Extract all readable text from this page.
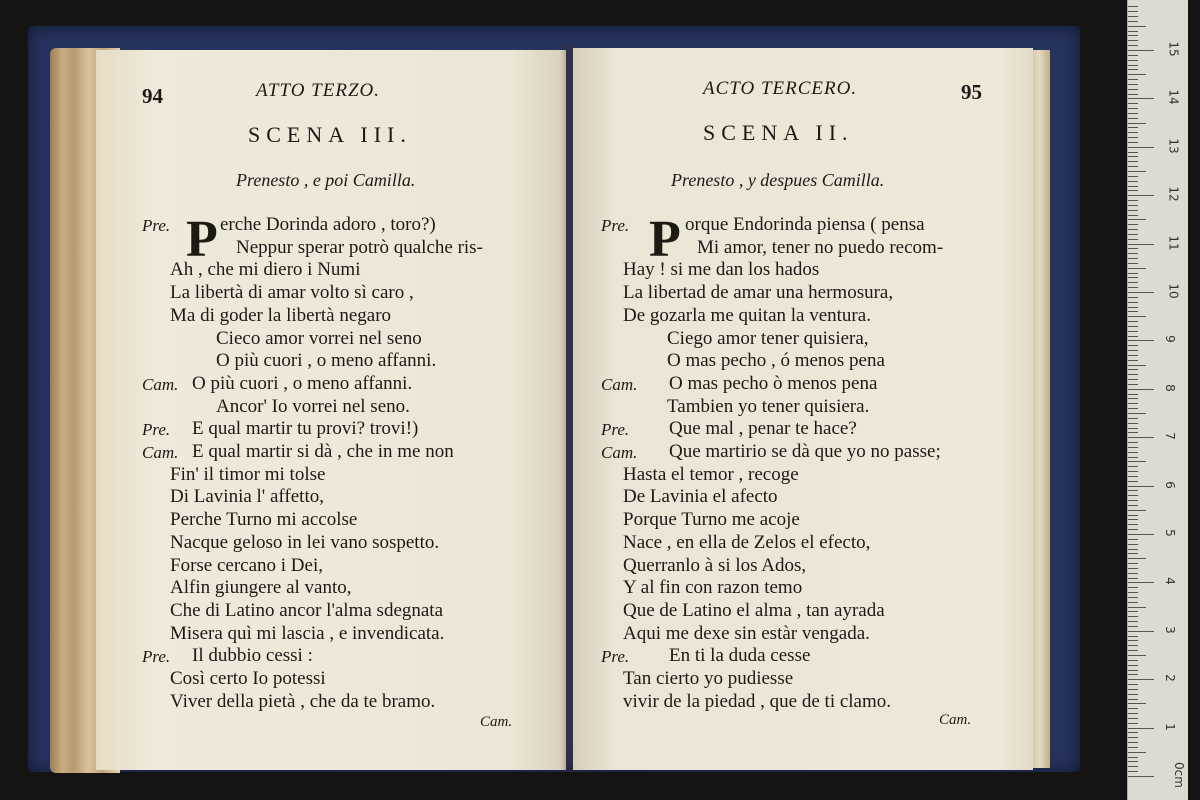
94	ATTO TERZO.
SCENA III.
Prenesto , e poi Camilla.
P
Pre.	erche Dorinda adoro , toro?)
Neppur sperar potrò qualche ris-
Ah , che mi diero i Numi
La libertà di amar volto sì caro ,
Ma di goder la libertà negaro
Cieco amor vorrei nel seno
O più cuori , o meno affanni.
Cam. O più cuori , o meno affanni.
Ancor' Io vorrei nel seno.
Pre. E qual martir tu provi? trovi!)
Cam. E qual martir si dà , che in me non
Fin' il timor mi tolse
Di Lavinia l' affetto,
Perche Turno mi accolse
Nacque geloso in lei vano sospetto.
Forse cercano i Dei,
Alfin giungere al vanto,
Che di Latino ancor l'alma sdegnata
Misera quì mi lascia , e invendicata.
Pre. Il dubbio cessi :
Così certo Io potessi
Viver della pietà , che da te bramo.
Cam.
ACTO TERCERO.	95
SCENA II.
Prenesto , y despues Camilla.
P
Pre.	orque Endorinda piensa ( pensa
Mi amor, tener no puedo recom-
Hay ! si me dan los hados
La libertad de amar una hermosura,
De gozarla me quitan la ventura.
Ciego amor tener quisiera,
O mas pecho , ó menos pena
Cam. O mas pecho ò menos pena
Tambien yo tener quisiera.
Pre. Que mal , penar te hace?
Cam. Que martirio se dà que yo no passe;
Hasta el temor , recoge
De Lavinia el afecto
Porque Turno me acoje
Nace , en ella de Zelos el efecto,
Querranlo à si los Ados,
Y al fin con razon temo
Que de Latino el alma , tan ayrada
Aqui me dexe sin estàr vengada.
Pre. En ti la duda cesse
Tan cierto yo pudiesse
vivir de la piedad , que de ti clamo.
Cam.
0cm
1
2
3
4
5
6
7
8
9
10
11
12
13
14
15
